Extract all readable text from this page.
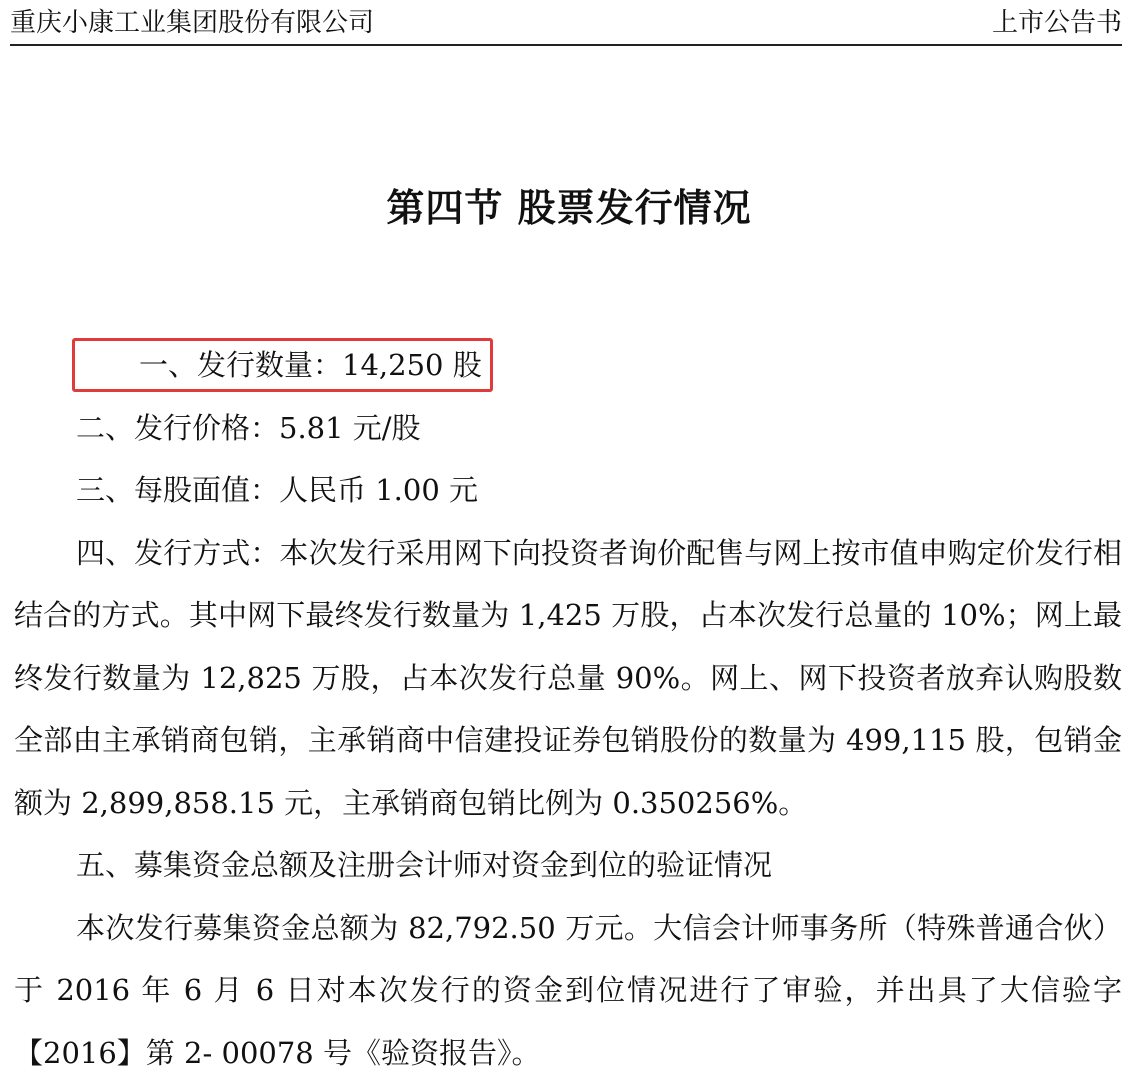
重庆小康工业集团股份有限公司	上市公告书
第四节 股票发行情况

一、发行数量：14,250 股

二、发行价格：5.81 元/股

三、每股面值：人民币 1.00 元

四、发行方式：本次发行采用网下向投资者询价配售与网上按市值申购定价发行相结合的方式。其中网下最终发行数量为 1,425 万股，占本次发行总量的 10%；网上最终发行数量为 12,825 万股，占本次发行总量 90%。网上、网下投资者放弃认购股数全部由主承销商包销，主承销商中信建投证券包销股份的数量为 499,115 股，包销金额为 2,899,858.15 元，主承销商包销比例为 0.350256%。

五、募集资金总额及注册会计师对资金到位的验证情况

本次发行募集资金总额为 82,792.50 万元。大信会计师事务所（特殊普通合伙）于 2016 年 6 月 6 日对本次发行的资金到位情况进行了审验，并出具了大信验字【2016】第 2- 00078 号《验资报告》。
